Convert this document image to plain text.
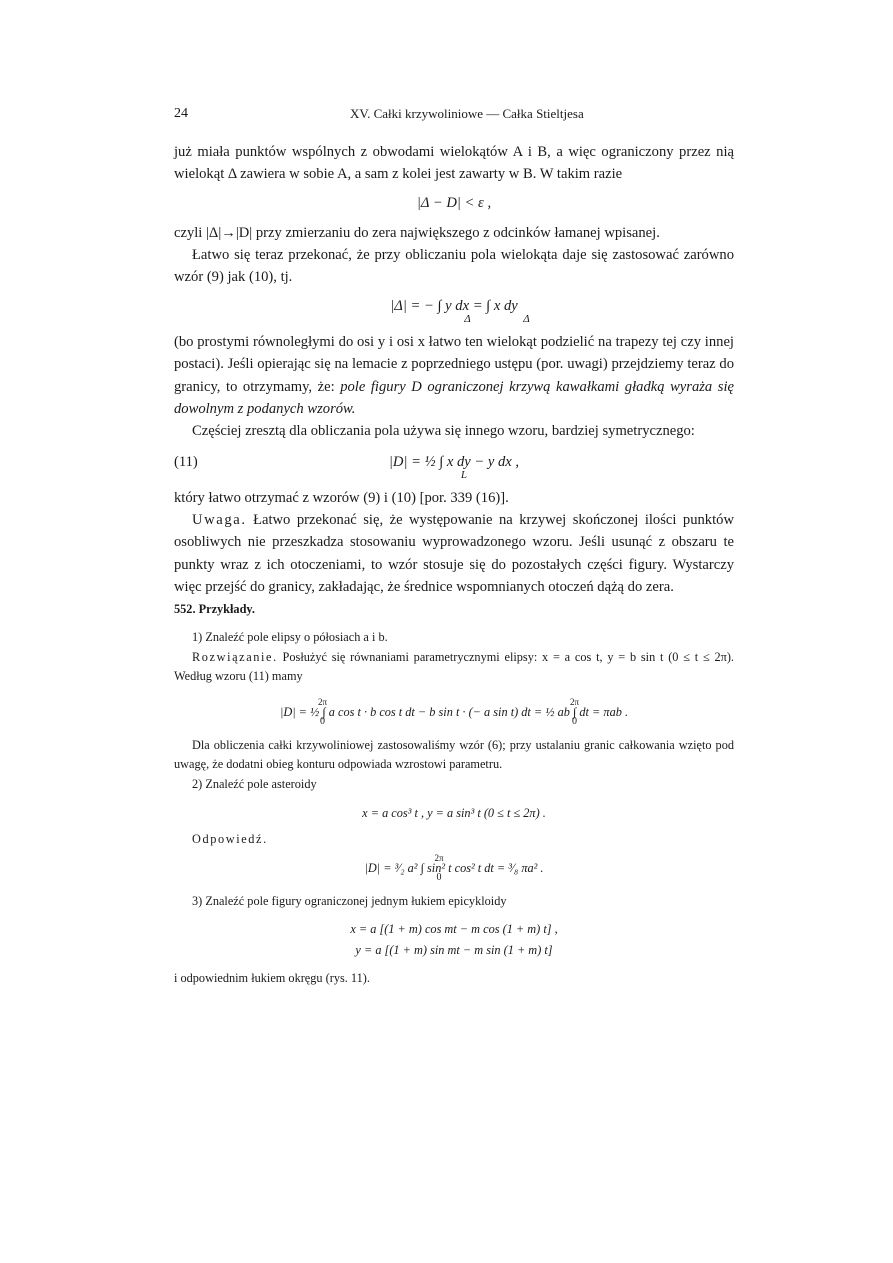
24	XV. Całki krzywoliniowe — Całka Stieltjesa

już miała punktów wspólnych z obwodami wielokątów A i B, a więc ograniczony przez nią wielokąt Δ zawiera w sobie A, a sam z kolei jest zawarty w B. W takim razie

|Δ − D| < ε ,

czyli |Δ|→|D| przy zmierzaniu do zera największego z odcinków łamanej wpisanej.

Łatwo się teraz przekonać, że przy obliczaniu pola wielokąta daje się zastosować zarówno wzór (9) jak (10), tj.

|Δ| = − ∫ y dx = ∫ x dy
Δ	Δ

(bo prostymi równoległymi do osi y i osi x łatwo ten wielokąt podzielić na trapezy tej czy innej postaci). Jeśli opierając się na lemacie z poprzedniego ustępu (por. uwagi) przejdziemy teraz do granicy, to otrzymamy, że: pole figury D ograniczonej krzywą kawałkami gładką wyraża się dowolnym z podanych wzorów.

Częściej zresztą dla obliczania pola używa się innego wzoru, bardziej symetrycznego:

(11)	|D| = ½ ∫ x dy − y dx ,
L

który łatwo otrzymać z wzorów (9) i (10) [por. 339 (16)].

Uwaga. Łatwo przekonać się, że występowanie na krzywej skończonej ilości punktów osobliwych nie przeszkadza stosowaniu wyprowadzonego wzoru. Jeśli usunąć z obszaru te punkty wraz z ich otoczeniami, to wzór stosuje się do pozostałych części figury. Wystarczy więc przejść do granicy, zakładając, że średnice wspomnianych otoczeń dążą do zera.

552. Przykłady.

1) Znaleźć pole elipsy o półosiach a i b.

Rozwiązanie. Posłużyć się równaniami parametrycznymi elipsy: x = a cos t, y = b sin t (0 ≤ t ≤ 2π). Według wzoru (11) mamy

|D| = ½ ∫ a cos t · b cos t dt − b sin t · (− a sin t) dt = ½ ab ∫ dt = πab .
2π
0
2π
0

Dla obliczenia całki krzywoliniowej zastosowaliśmy wzór (6); przy ustalaniu granic całkowania wzięto pod uwagę, że dodatni obieg konturu odpowiada wzrostowi parametru.

2) Znaleźć pole asteroidy

x = a cos³ t , y = a sin³ t (0 ≤ t ≤ 2π) .

Odpowiedź.

|D| = ³⁄₂ a² ∫ sin² t cos² t dt = ³⁄₈ πa² .
2π
0

3) Znaleźć pole figury ograniczonej jednym łukiem epicykloidy

x = a [(1 + m) cos mt − m cos (1 + m) t] ,
y = a [(1 + m) sin mt − m sin (1 + m) t]

i odpowiednim łukiem okręgu (rys. 11).
